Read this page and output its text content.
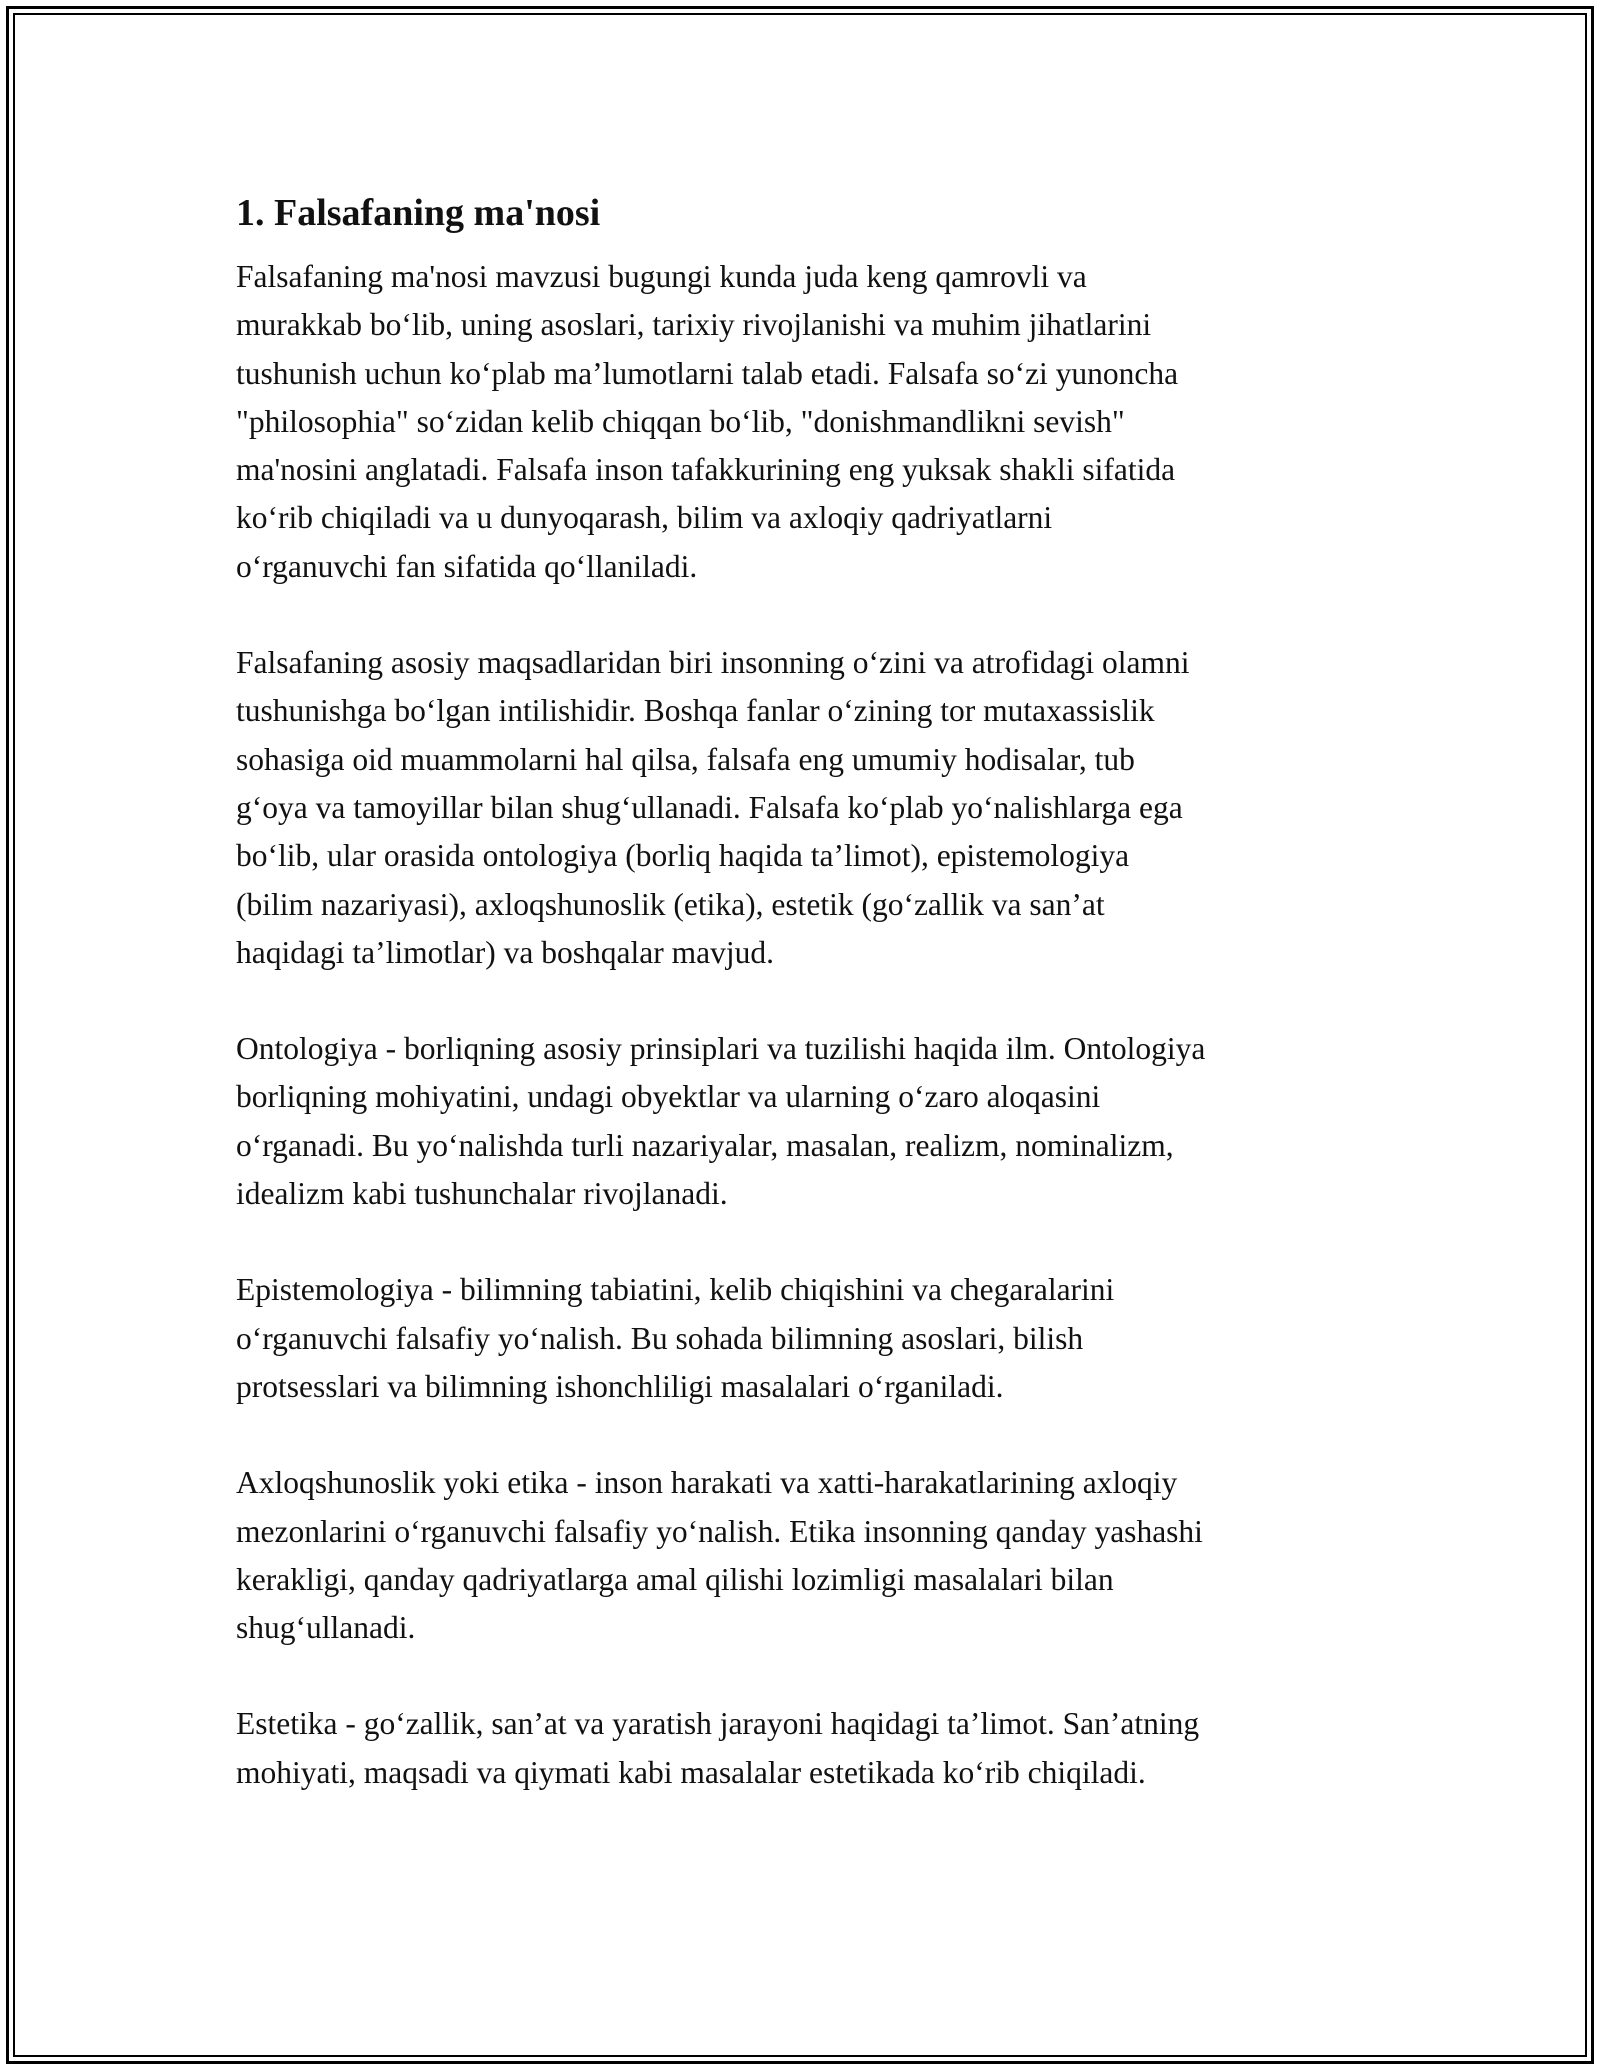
1. Falsafaning ma'nosi
Falsafaning ma'nosi mavzusi bugungi kunda juda keng qamrovli va
murakkab bo‘lib, uning asoslari, tarixiy rivojlanishi va muhim jihatlarini
tushunish uchun ko‘plab ma’lumotlarni talab etadi. Falsafa so‘zi yunoncha
"philosophia" so‘zidan kelib chiqqan bo‘lib, "donishmandlikni sevish"
ma'nosini anglatadi. Falsafa inson tafakkurining eng yuksak shakli sifatida
ko‘rib chiqiladi va u dunyoqarash, bilim va axloqiy qadriyatlarni
o‘rganuvchi fan sifatida qo‘llaniladi.
Falsafaning asosiy maqsadlaridan biri insonning o‘zini va atrofidagi olamni
tushunishga bo‘lgan intilishidir. Boshqa fanlar o‘zining tor mutaxassislik
sohasiga oid muammolarni hal qilsa, falsafa eng umumiy hodisalar, tub
g‘oya va tamoyillar bilan shug‘ullanadi. Falsafa ko‘plab yo‘nalishlarga ega
bo‘lib, ular orasida ontologiya (borliq haqida ta’limot), epistemologiya
(bilim nazariyasi), axloqshunoslik (etika), estetik (go‘zallik va san’at
haqidagi ta’limotlar) va boshqalar mavjud.
Ontologiya - borliqning asosiy prinsiplari va tuzilishi haqida ilm. Ontologiya
borliqning mohiyatini, undagi obyektlar va ularning o‘zaro aloqasini
o‘rganadi. Bu yo‘nalishda turli nazariyalar, masalan, realizm, nominalizm,
idealizm kabi tushunchalar rivojlanadi.
Epistemologiya - bilimning tabiatini, kelib chiqishini va chegaralarini
o‘rganuvchi falsafiy yo‘nalish. Bu sohada bilimning asoslari, bilish
protsesslari va bilimning ishonchliligi masalalari o‘rganiladi.
Axloqshunoslik yoki etika - inson harakati va xatti-harakatlarining axloqiy
mezonlarini o‘rganuvchi falsafiy yo‘nalish. Etika insonning qanday yashashi
kerakligi, qanday qadriyatlarga amal qilishi lozimligi masalalari bilan
shug‘ullanadi.
Estetika - go‘zallik, san’at va yaratish jarayoni haqidagi ta’limot. San’atning
mohiyati, maqsadi va qiymati kabi masalalar estetikada ko‘rib chiqiladi.
